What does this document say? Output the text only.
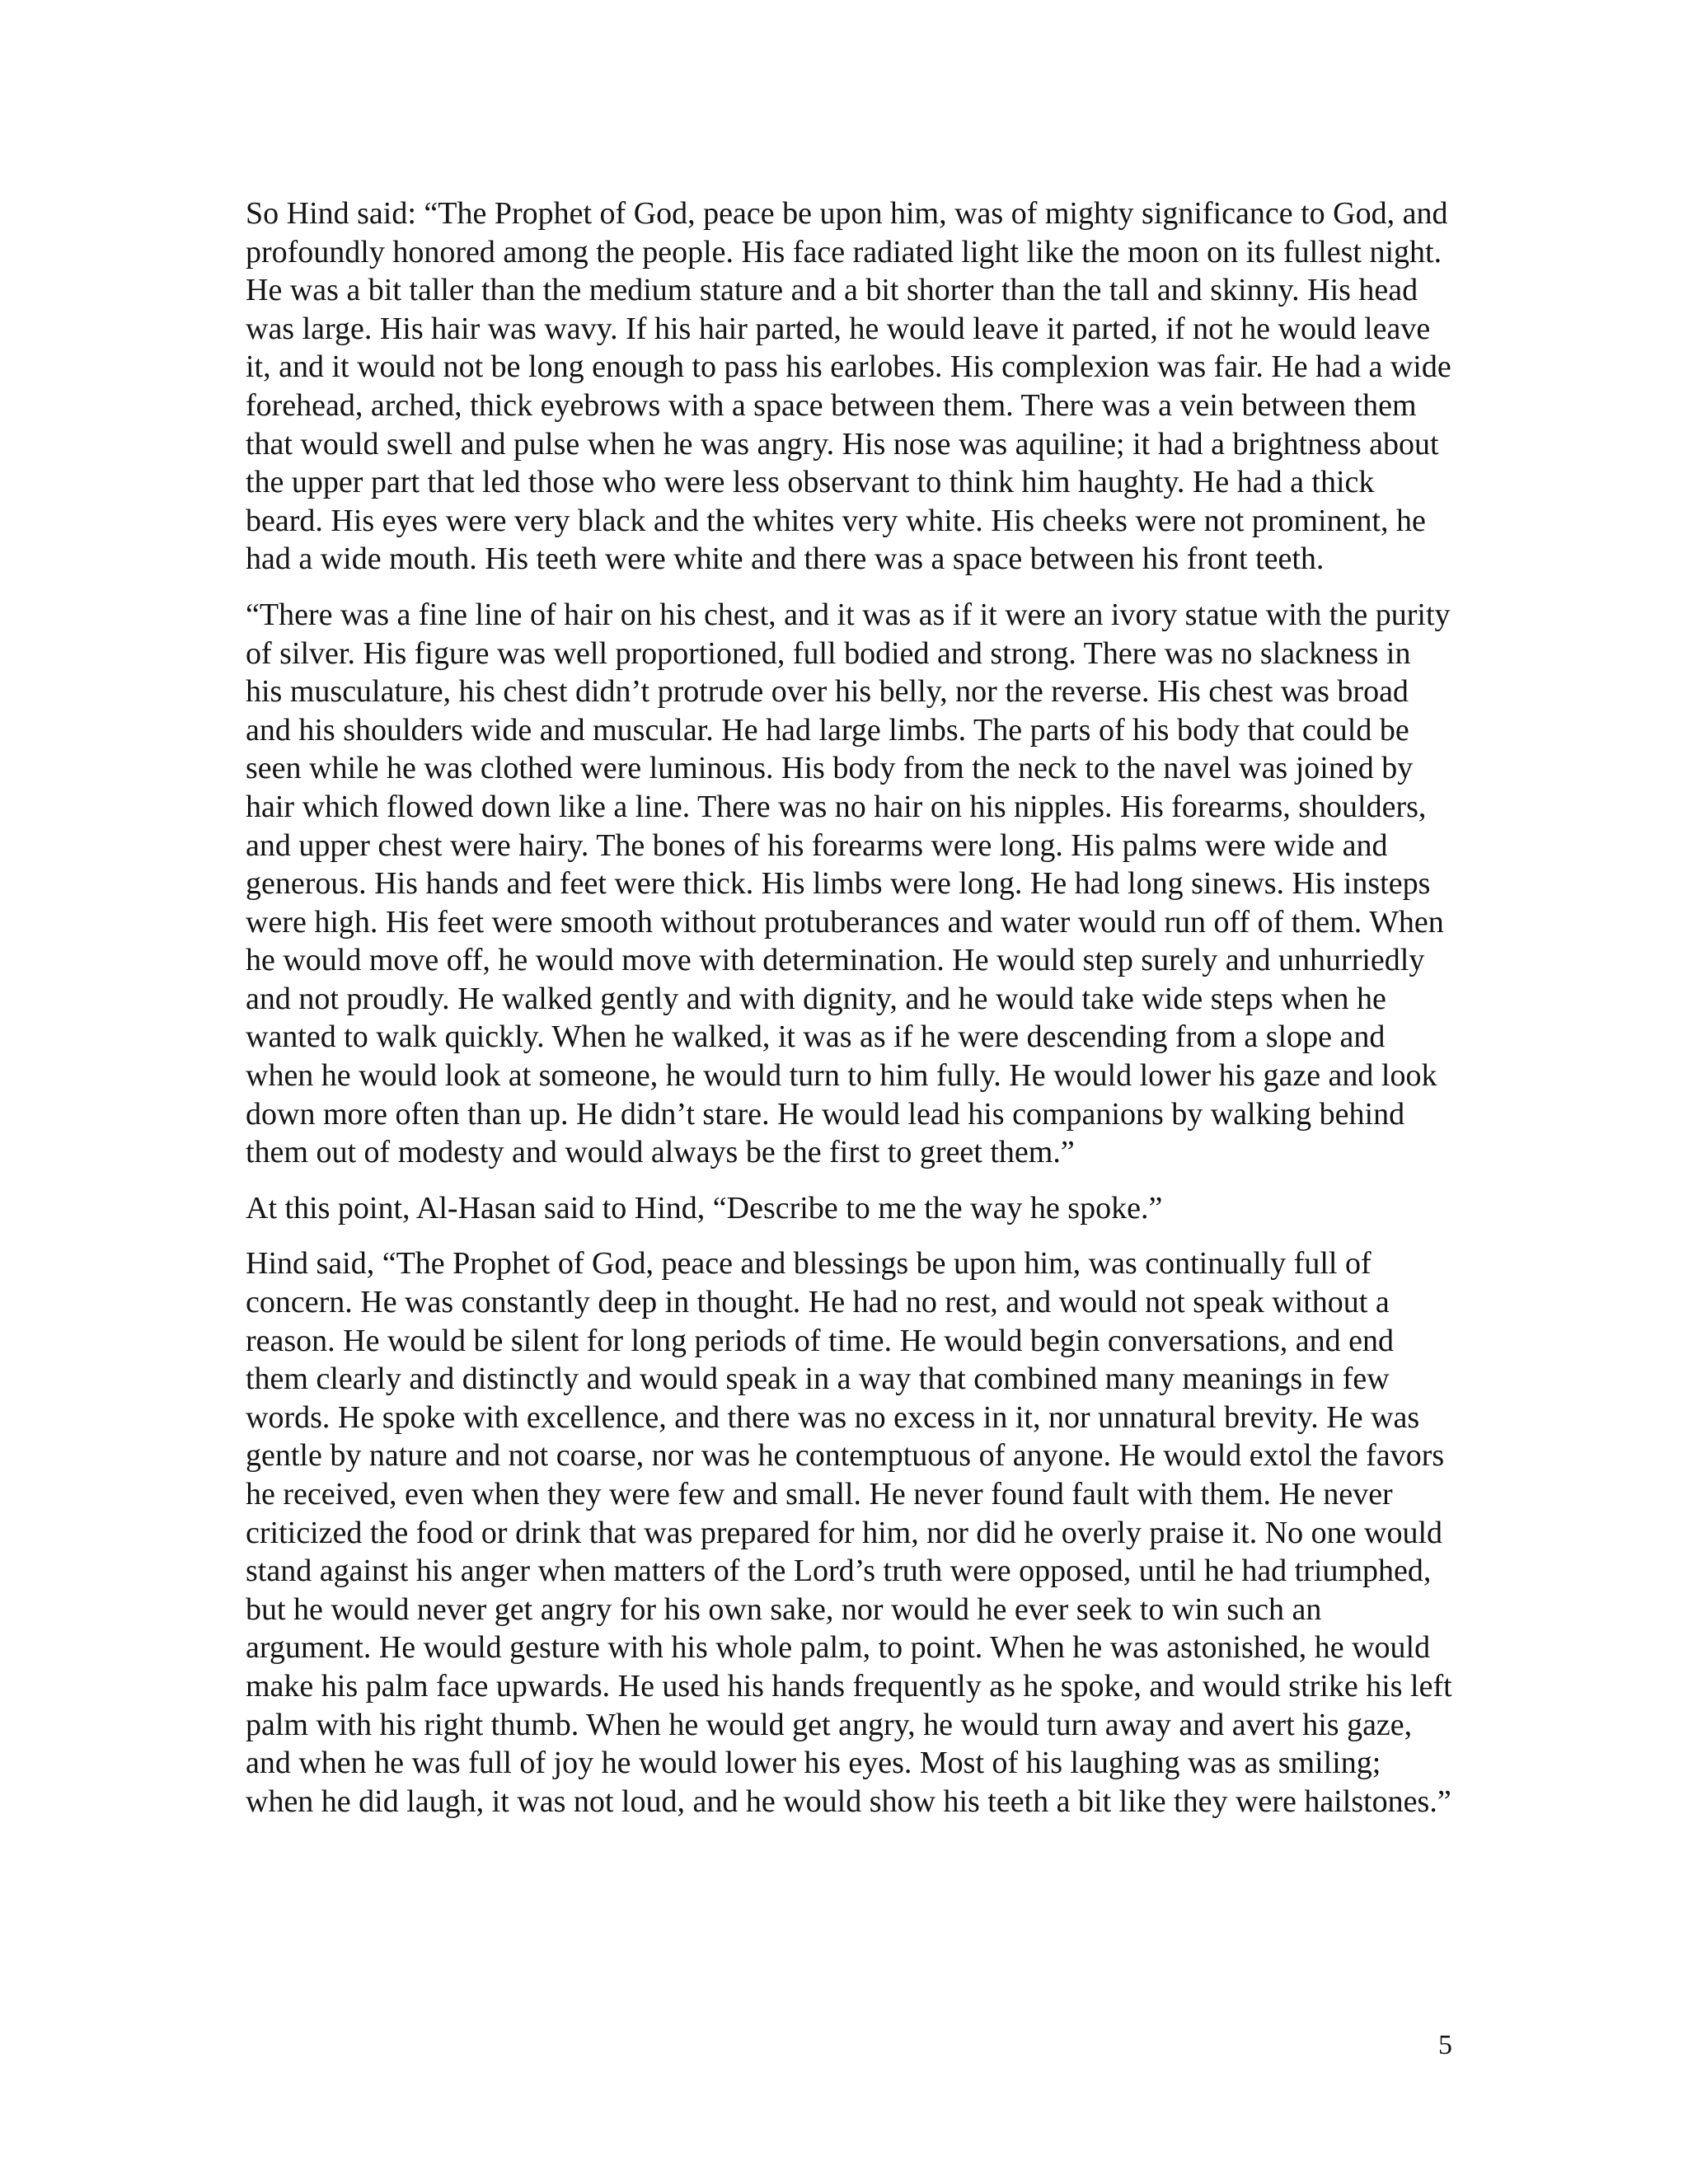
So Hind said: “The Prophet of God, peace be upon him, was of mighty significance to God, and profoundly honored among the people. His face radiated light like the moon on its fullest night. He was a bit taller than the medium stature and a bit shorter than the tall and skinny. His head was large. His hair was wavy. If his hair parted, he would leave it parted, if not he would leave it, and it would not be long enough to pass his earlobes. His complexion was fair. He had a wide forehead, arched, thick eyebrows with a space between them. There was a vein between them that would swell and pulse when he was angry. His nose was aquiline; it had a brightness about the upper part that led those who were less observant to think him haughty. He had a thick beard. His eyes were very black and the whites very white. His cheeks were not prominent, he had a wide mouth. His teeth were white and there was a space between his front teeth.

“There was a fine line of hair on his chest, and it was as if it were an ivory statue with the purity of silver. His figure was well proportioned, full bodied and strong. There was no slackness in his musculature, his chest didn’t protrude over his belly, nor the reverse. His chest was broad and his shoulders wide and muscular. He had large limbs. The parts of his body that could be seen while he was clothed were luminous. His body from the neck to the navel was joined by hair which flowed down like a line. There was no hair on his nipples. His forearms, shoulders, and upper chest were hairy. The bones of his forearms were long. His palms were wide and generous. His hands and feet were thick. His limbs were long. He had long sinews. His insteps were high. His feet were smooth without protuberances and water would run off of them. When he would move off, he would move with determination. He would step surely and unhurriedly and not proudly. He walked gently and with dignity, and he would take wide steps when he wanted to walk quickly. When he walked, it was as if he were descending from a slope and when he would look at someone, he would turn to him fully. He would lower his gaze and look down more often than up. He didn’t stare. He would lead his companions by walking behind them out of modesty and would always be the first to greet them.”

At this point, Al-Hasan said to Hind, “Describe to me the way he spoke.”

Hind said, “The Prophet of God, peace and blessings be upon him, was continually full of concern. He was constantly deep in thought. He had no rest, and would not speak without a reason. He would be silent for long periods of time. He would begin conversations, and end them clearly and distinctly and would speak in a way that combined many meanings in few words. He spoke with excellence, and there was no excess in it, nor unnatural brevity. He was gentle by nature and not coarse, nor was he contemptuous of anyone. He would extol the favors he received, even when they were few and small. He never found fault with them. He never criticized the food or drink that was prepared for him, nor did he overly praise it. No one would stand against his anger when matters of the Lord’s truth were opposed, until he had triumphed, but he would never get angry for his own sake, nor would he ever seek to win such an argument. He would gesture with his whole palm, to point. When he was astonished, he would make his palm face upwards. He used his hands frequently as he spoke, and would strike his left palm with his right thumb. When he would get angry, he would turn away and avert his gaze, and when he was full of joy he would lower his eyes. Most of his laughing was as smiling; when he did laugh, it was not loud, and he would show his teeth a bit like they were hailstones.”

5
